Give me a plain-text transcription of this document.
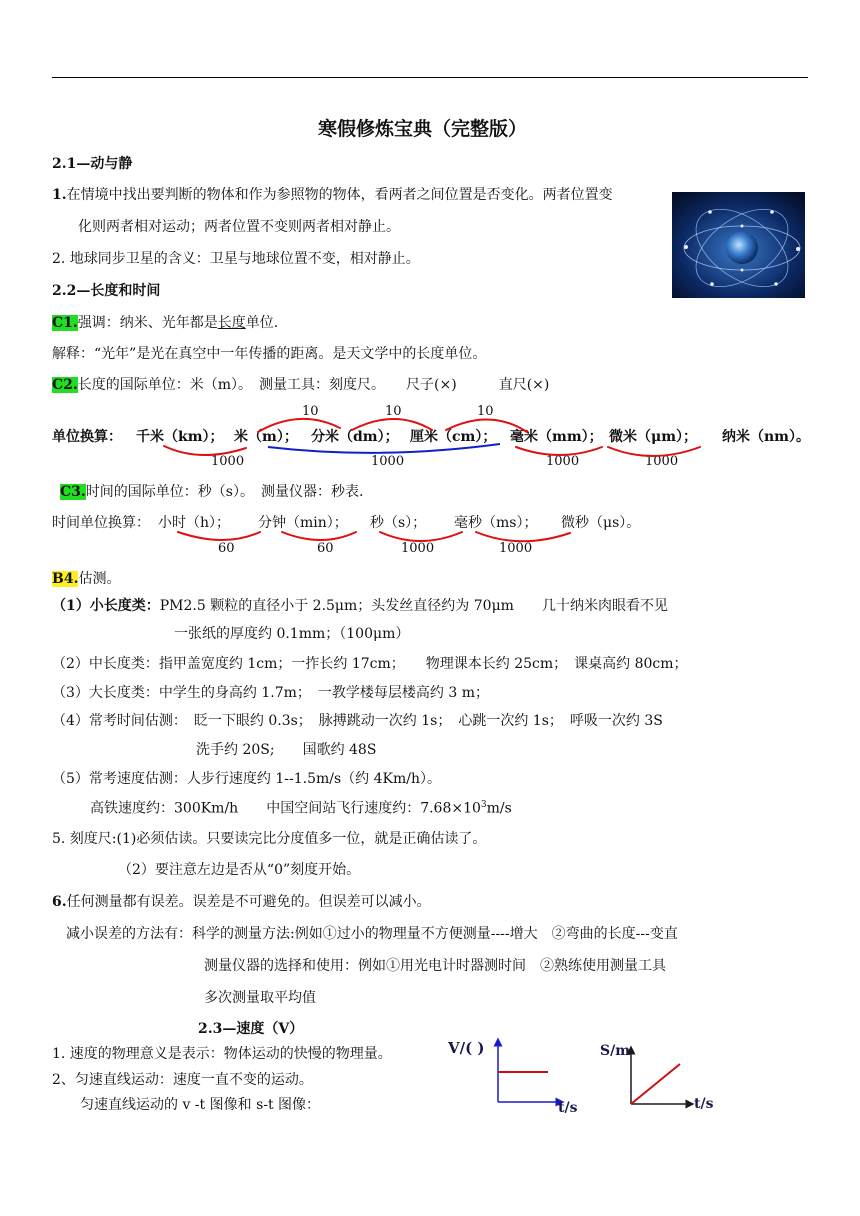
寒假修炼宝典（完整版）
2.1—动与静
1.在情境中找出要判断的物体和作为参照物的物体，看两者之间位置是否变化。两者位置变
化则两者相对运动；两者位置不变则两者相对静止。
2. 地球同步卫星的含义：卫星与地球位置不变，相对静止。
2.2—长度和时间
C1.强调：纳米、光年都是长度单位.
解释：“光年”是光在真空中一年传播的距离。是天文学中的长度单位。
C2.长度的国际单位：米（m）。　测量工具：刻度尺。　　尺子(×)　　　直尺(×)
10	10	10
单位换算： 千米（km）； 米（m）； 分米（dm）； 厘米（cm）； 毫米（mm）； 微米（μm）； 纳米（nm）。
1000	1000	1000	1000
C3.时间的国际单位：秒（s）。　测量仪器：秒表.
时间单位换算： 小时（h）； 分钟（min）； 秒（s）； 毫秒（ms）； 微秒（μs）。
60	60	1000	1000
B4.估测。
（1）小长度类：PM2.5 颗粒的直径小于 2.5μm；头发丝直径约为 70μm　　几十纳米肉眼看不见
一张纸的厚度约 0.1mm；（100μm）
（2）中长度类：指甲盖宽度约 1cm；一拃长约 17cm；　　物理课本长约 25cm；　课桌高约 80cm；
（3）大长度类：中学生的身高约 1.7m；　一教学楼每层楼高约 3 m；
（4）常考时间估测：　眨一下眼约 0.3s；　脉搏跳动一次约 1s；　心跳一次约 1s；　呼吸一次约 3S
洗手约 20S;　　国歌约 48S
（5）常考速度估测：人步行速度约 1--1.5m/s（约 4Km/h）。
高铁速度约：300Km/h　　中国空间站飞行速度约：$7.68\times 10^3m/s$
5. 刻度尺:(1)必须估读。只要读完比分度值多一位，就是正确估读了。
（2）要注意左边是否从“0”刻度开始。
6.任何测量都有误差。误差是不可避免的。但误差可以减小。
减小误差的方法有：科学的测量方法:例如①过小的物理量不方便测量----增大　②弯曲的长度---变直
测量仪器的选择和使用：例如①用光电计时器测时间　②熟练使用测量工具
多次测量取平均值
2.3—速度（V）
1. 速度的物理意义是表示：物体运动的快慢的物理量。
2、匀速直线运动：速度一直不变的运动。
匀速直线运动的 v -t 图像和 s-t 图像：
V/( )
t/s
S/m
t/s
